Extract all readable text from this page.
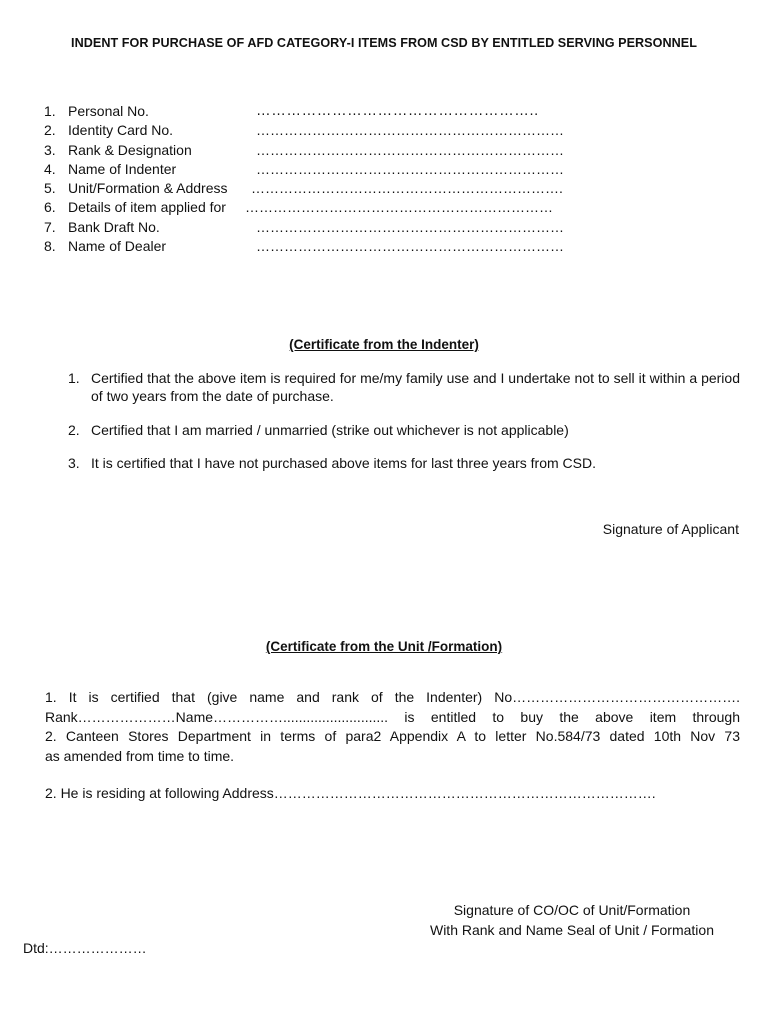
INDENT FOR PURCHASE OF AFD CATEGORY-I ITEMS FROM CSD BY ENTITLED SERVING PERSONNEL
1. Personal No.	………………………………………………..
2. Identity Card No.	…………………………………………………………
3. Rank & Designation	…………………………………………………………
4. Name of Indenter	…………………………………………………………
5. Unit/Formation & Address ………………………………………………………….
6. Details of item applied for …………………………………………………………
7. Bank Draft No.	…………………………………………………………
8. Name of Dealer	…………………………………………………………
(Certificate from the Indenter)
1. Certified that the above item is required for me/my family use and I undertake not to sell it within a period of two years from the date of purchase.
2. Certified that I am married / unmarried (strike out whichever is not applicable)
3. It is certified that I have not purchased above items for last three years from CSD.
Signature of Applicant
(Certificate from the Unit /Formation)

1. It is certified that (give name and rank of the Indenter) No………………………………………….

Rank…………………Name……………........................... is entitled to buy the above item through

2. Canteen Stores Department in terms of para2 Appendix A to letter No.584/73 dated 10th Nov 73

as amended from time to time.

2. He is residing at following Address……………………………………………………………………….

Signature of CO/OC of Unit/Formation
With Rank and Name Seal of Unit / Formation
Dtd:…………………
